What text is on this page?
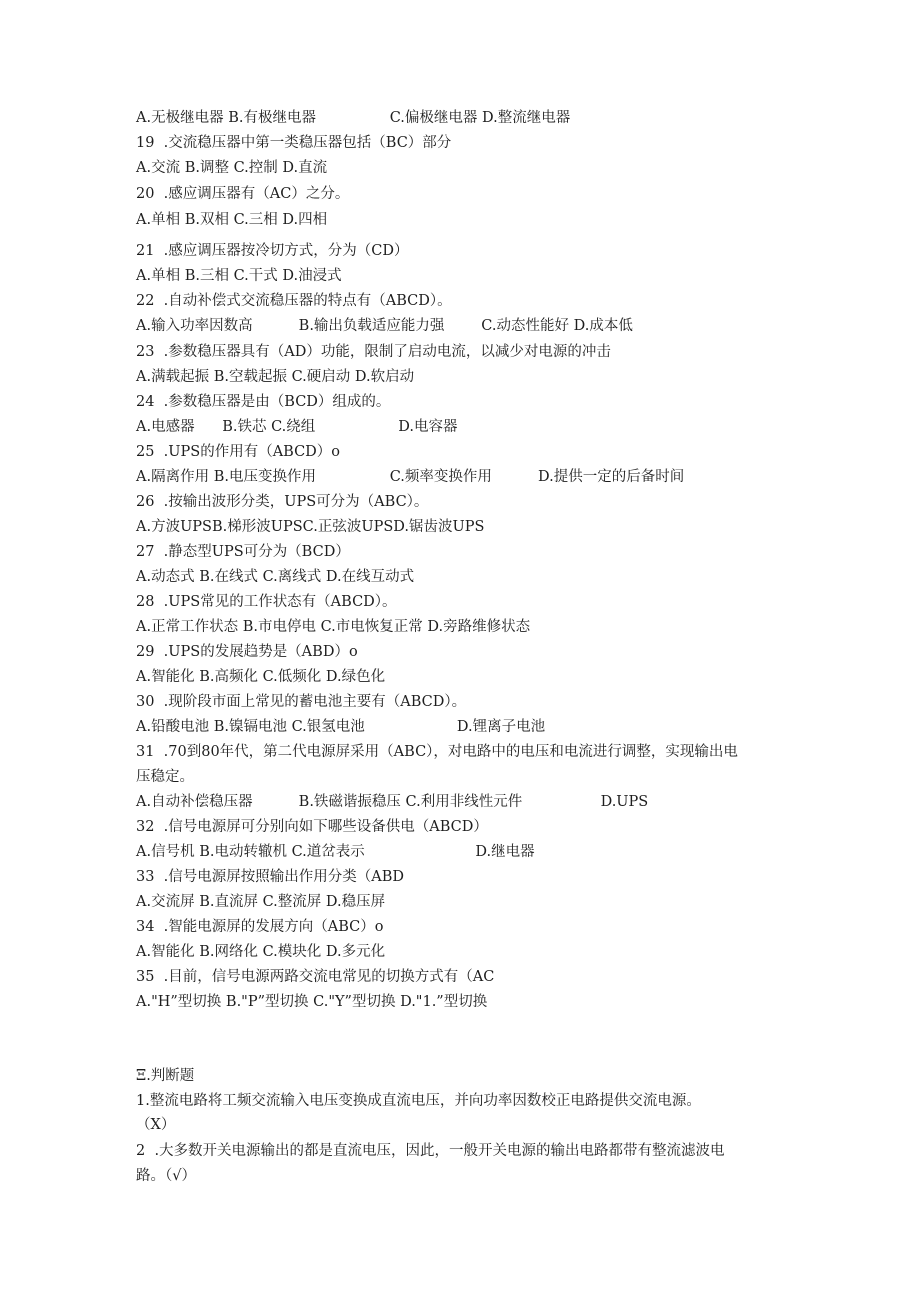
A.无极继电器 B.有极继电器                C.偏极继电器 D.整流继电器
19  .交流稳压器中第一类稳压器包括（BC）部分
A.交流 B.调整 C.控制 D.直流
20  .感应调压器有（AC）之分。
A.单相 B.双相 C.三相 D.四相
21  .感应调压器按冷切方式，分为（CD）
A.单相 B.三相 C.干式 D.油浸式
22  .自动补偿式交流稳压器的特点有（ABCD）。
A.输入功率因数高          B.输出负载适应能力强        C.动态性能好 D.成本低
23  .参数稳压器具有（AD）功能，限制了启动电流，以减少对电源的冲击
A.满载起振 B.空载起振 C.硬启动 D.软启动
24  .参数稳压器是由（BCD）组成的。
A.电感器      B.铁芯 C.绕组                  D.电容器
25  .UPS的作用有（ABCD）o
A.隔离作用 B.电压变换作用                C.频率变换作用          D.提供一定的后备时间
26  .按输出波形分类，UPS可分为（ABC）。
A.方波UPSB.梯形波UPSC.正弦波UPSD.锯齿波UPS
27  .静态型UPS可分为（BCD）
A.动态式 B.在线式 C.离线式 D.在线互动式
28  .UPS常见的工作状态有（ABCD）。
A.正常工作状态 B.市电停电 C.市电恢复正常 D.旁路维修状态
29  .UPS的发展趋势是（ABD）o
A.智能化 B.高频化 C.低频化 D.绿色化
30  .现阶段市面上常见的蓄电池主要有（ABCD）。
A.铅酸电池 B.镍镉电池 C.银氢电池                    D.锂离子电池
31  .70到80年代，第二代电源屏采用（ABC），对电路中的电压和电流进行调整，实现输出电
压稳定。
A.自动补偿稳压器          B.铁磁谐振稳压 C.利用非线性元件                 D.UPS
32  .信号电源屏可分别向如下哪些设备供电（ABCD）
A.信号机 B.电动转辙机 C.道岔表示                        D.继电器
33  .信号电源屏按照输出作用分类（ABD
A.交流屏 B.直流屏 C.整流屏 D.稳压屏
34  .智能电源屏的发展方向（ABC）o
A.智能化 B.网络化 C.模块化 D.多元化
35  .目前，信号电源两路交流电常见的切换方式有（AC
A."H”型切换 B."P”型切换 C."Y”型切换 D."1.”型切换
Ξ.判断题
1.整流电路将工频交流输入电压变换成直流电压，并向功率因数校正电路提供交流电源。
（X）
2  .大多数开关电源输出的都是直流电压，因此，一般开关电源的输出电路都带有整流滤波电
路。（√）
